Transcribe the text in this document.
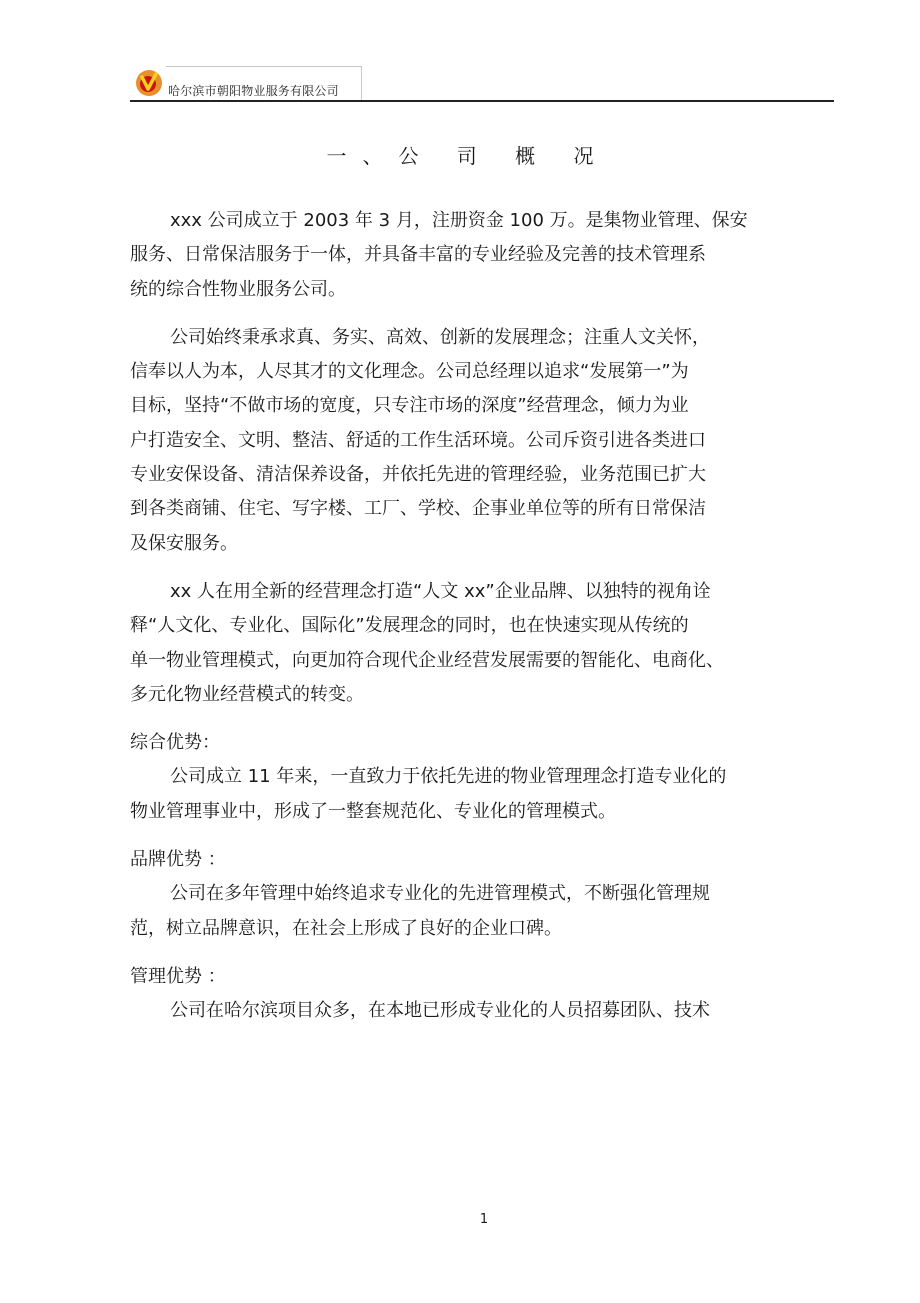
哈尔滨市朝阳物业服务有限公司
一、公 司 概 况
xxx 公司成立于 2003 年 3 月，注册资金 100 万。是集物业管理、保安
服务、日常保洁服务于一体，并具备丰富的专业经验及完善的技术管理系
统的综合性物业服务公司。
公司始终秉承求真、务实、高效、创新的发展理念；注重人文关怀，
信奉以人为本，人尽其才的文化理念。公司总经理以追求“发展第一”为
目标，坚持“不做市场的宽度，只专注市场的深度”经营理念，倾力为业
户打造安全、文明、整洁、舒适的工作生活环境。公司斥资引进各类进口
专业安保设备、清洁保养设备，并依托先进的管理经验，业务范围已扩大
到各类商铺、住宅、写字楼、工厂、学校、企事业单位等的所有日常保洁
及保安服务。
xx 人在用全新的经营理念打造“人文 xx”企业品牌、以独特的视角诠
释“人文化、专业化、国际化”发展理念的同时，也在快速实现从传统的
单一物业管理模式，向更加符合现代企业经营发展需要的智能化、电商化、
多元化物业经营模式的转变。
综合优势：
公司成立 11 年来，一直致力于依托先进的物业管理理念打造专业化的
物业管理事业中，形成了一整套规范化、专业化的管理模式。
品牌优势 ：
公司在多年管理中始终追求专业化的先进管理模式，不断强化管理规
范，树立品牌意识，在社会上形成了良好的企业口碑。
管理优势 ：
公司在哈尔滨项目众多，在本地已形成专业化的人员招募团队、技术
1
